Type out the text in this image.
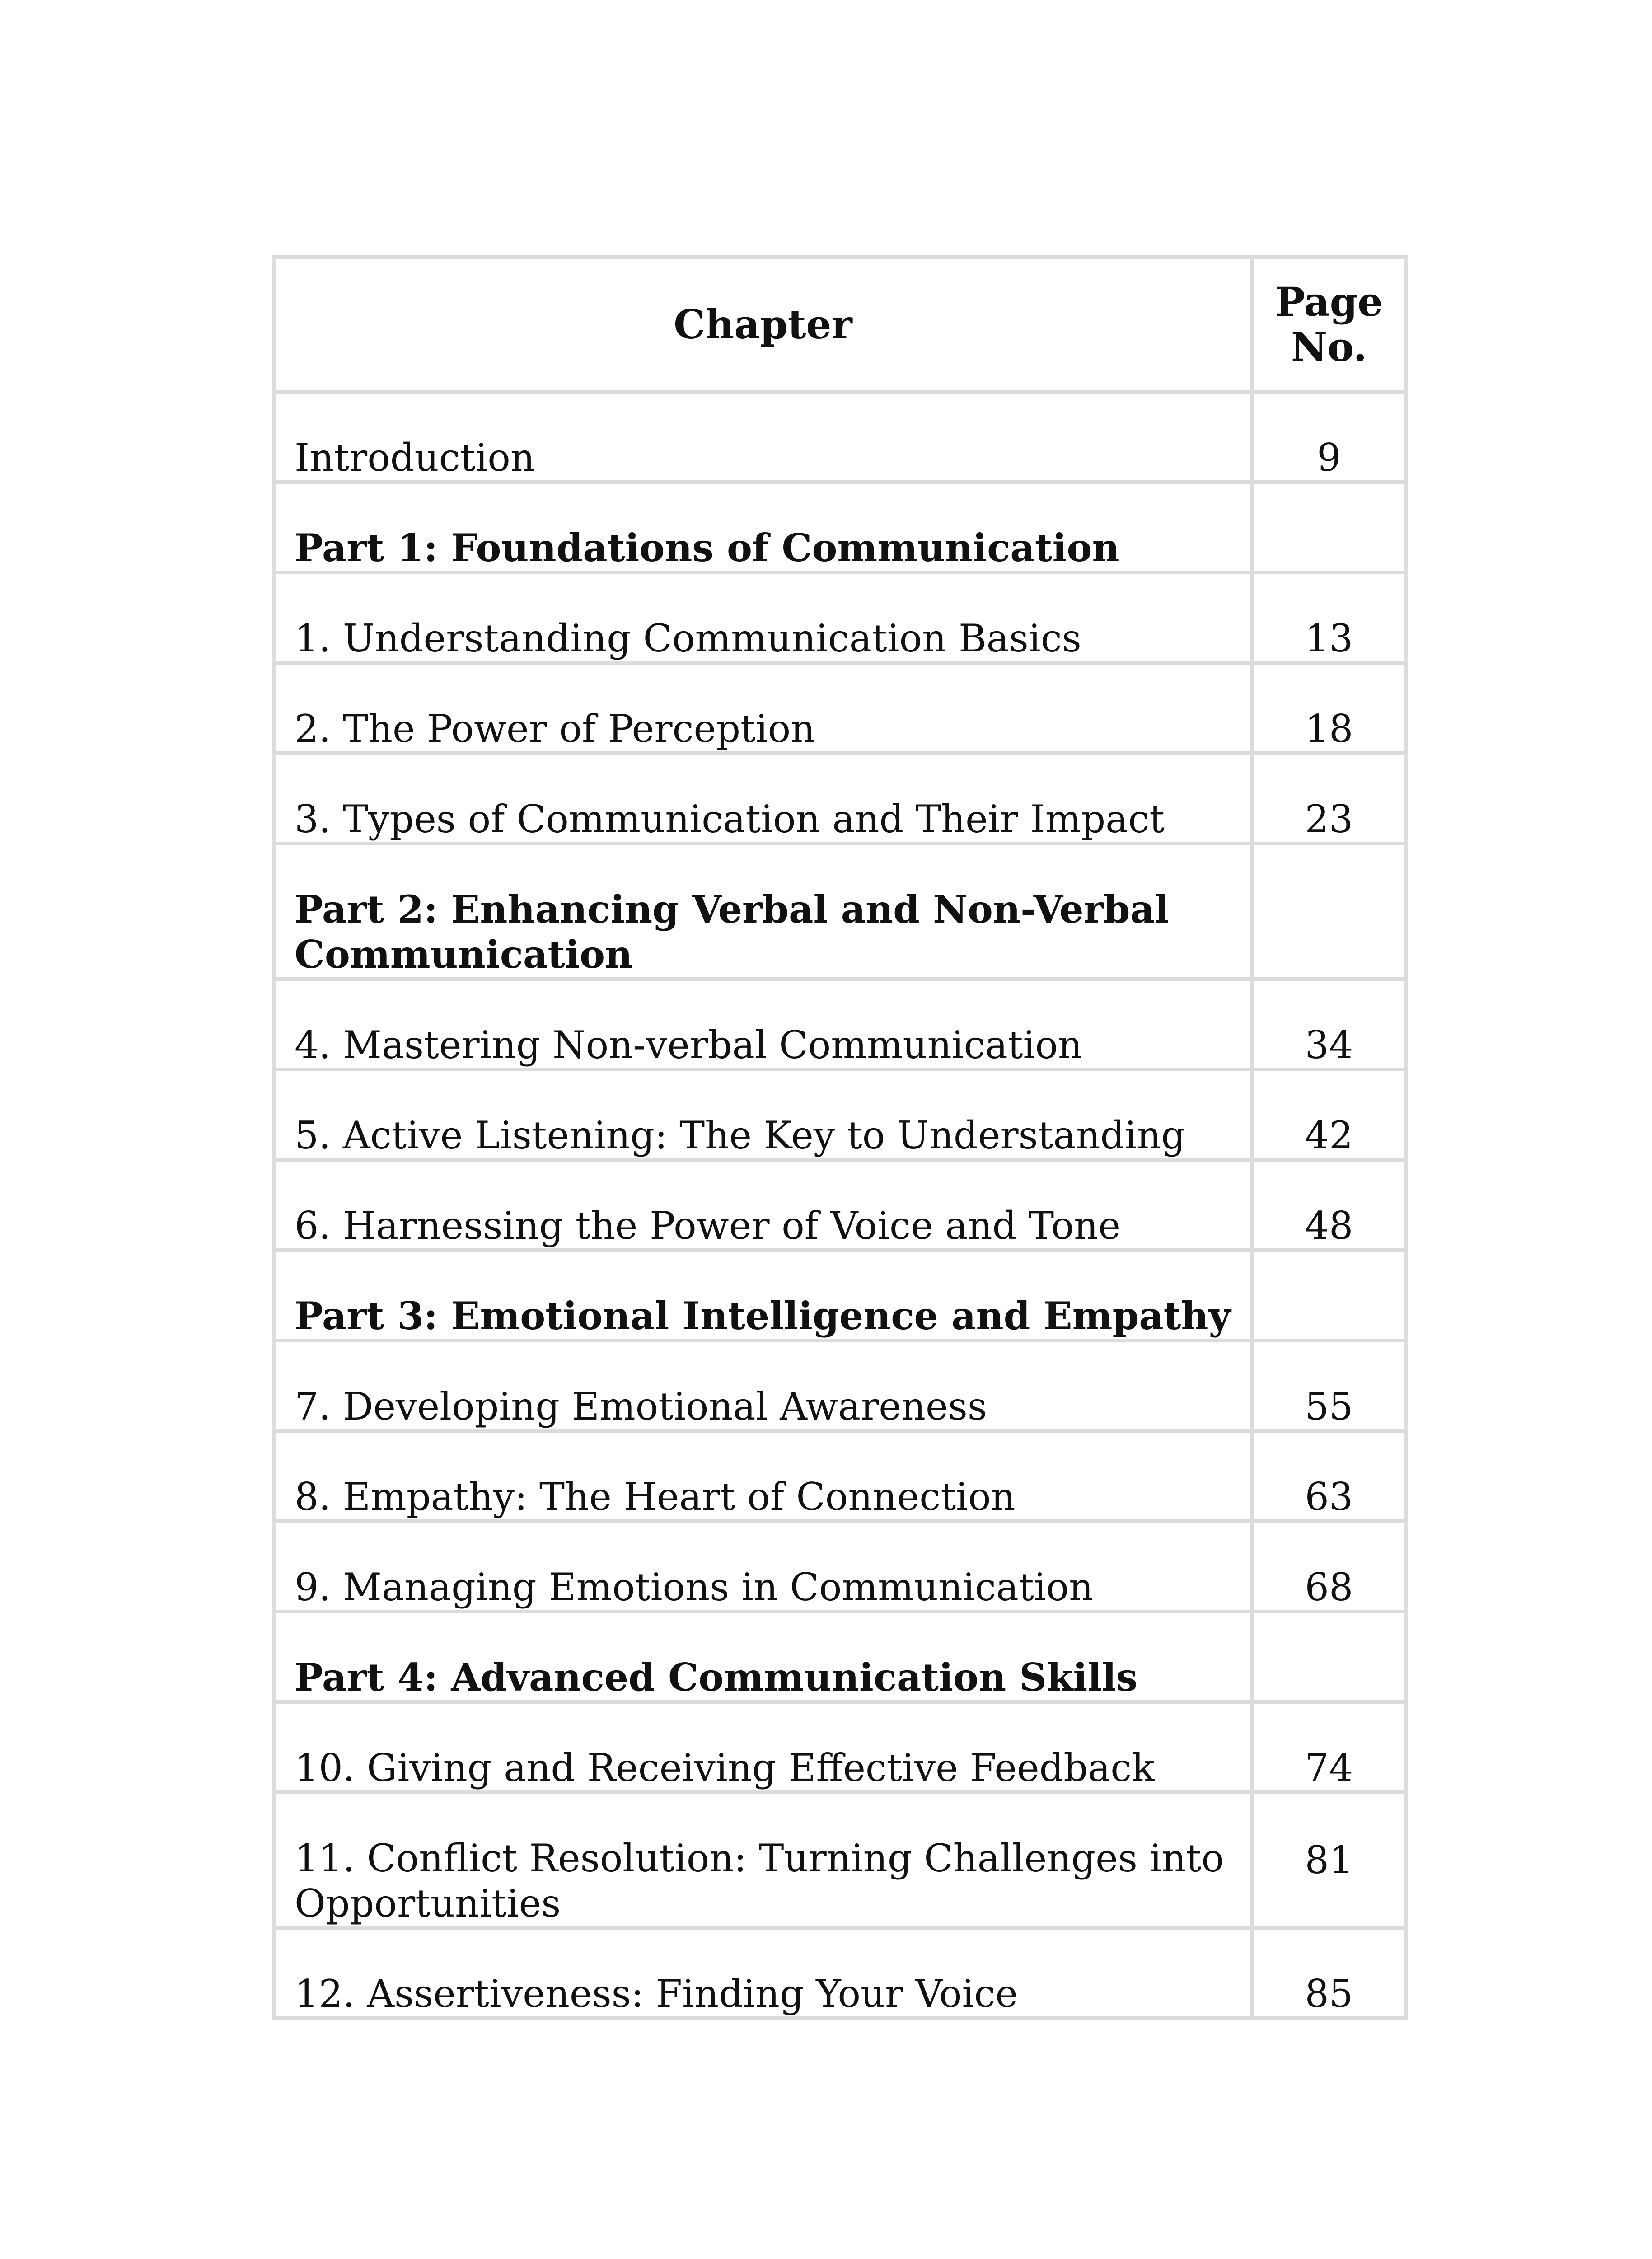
Chapter	Page
No.
Introduction	9
Part 1: Foundations of Communication	
1. Understanding Communication Basics	13
2. The Power of Perception	18
3. Types of Communication and Their Impact	23
Part 2: Enhancing Verbal and Non-Verbal Communication	
4. Mastering Non-verbal Communication	34
5. Active Listening: The Key to Understanding	42
6. Harnessing the Power of Voice and Tone	48
Part 3: Emotional Intelligence and Empathy	
7. Developing Emotional Awareness	55
8. Empathy: The Heart of Connection	63
9. Managing Emotions in Communication	68
Part 4: Advanced Communication Skills	
10. Giving and Receiving Effective Feedback	74
11. Conflict Resolution: Turning Challenges into Opportunities	81
12. Assertiveness: Finding Your Voice	85
